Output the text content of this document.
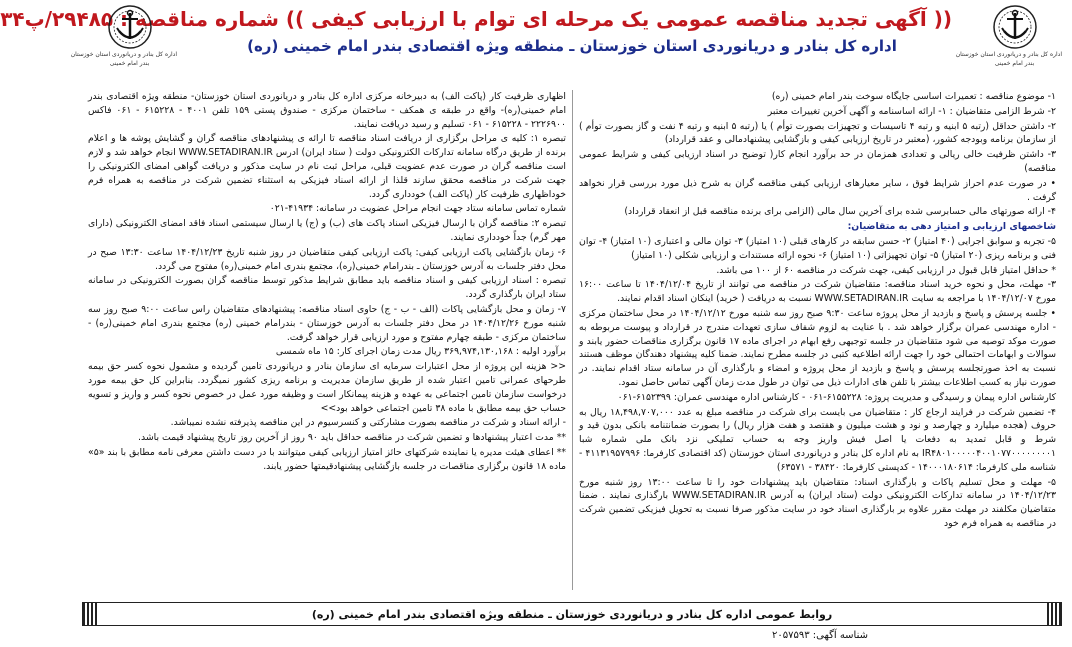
اداره کل بنادر و دریانوردی استان خوزستان
بندر امام خمینی
(( آگهی تجدید مناقصه عمومی یک مرحله ای توام با ارزیابی کیفی )) شماره مناقصه : ۲۹۴۸۵/پ۳۴
اداره کل بنادر و دریانوردی استان خوزستان ـ منطقه ویژه اقتصادی بندر امام خمینی (ره)
اداره کل بنادر و دریانوردی استان خوزستان
بندر امام خمینی

۱- موضوع مناقصه : تعمیرات اساسی جایگاه سوخت بندر امام خمینی (ره)

۲- شرط الزامی متقاضیان : ۱- ارائه اساسنامه و آگهی آخرین تغییرات معتبر

۲- داشتن حداقل (رتبه ۵ ابنیه و رتبه ۴ تاسیسات و تجهیزات بصورت توأم ) یا (رتبه ۵ ابنیه و رتبه ۴ نفت و گاز بصورت توأم ) از سازمان برنامه وبودجه کشور، (معتبر در تاریخ ارزیابی کیفی و بازگشایی پیشنهادمالی و عقد قرارداد)

۳- داشتن ظرفیت خالی ریالی و تعدادی همزمان در حد برآورد انجام کار( توضیح در اسناد ارزیابی کیفی و شرایط عمومی مناقصه)

• در صورت عدم احراز شرایط فوق ، سایر معیارهای ارزیابی کیفی مناقصه گران به شرح ذیل مورد بررسی قرار نخواهد گرفت .

۴- ارائه صورتهای مالی حسابرسی شده برای آخرین سال مالی (الزامی برای برنده مناقصه قبل از انعقاد قرارداد)

شاخصهای ارزیابی و امتیاز دهی به متقاضیان:

۵- تجربه و سوابق اجرایی (۴۰ امتیاز) ۲- حسن سابقه در کارهای قبلی (۱۰ امتیاز) ۳- توان مالی و اعتباری (۱۰ امتیاز) ۴- توان فنی و برنامه ریزی (۲۰ امتیاز) ۵- توان تجهیزاتی (۱۰ امتیاز) ۶- نحوه ارائه مستندات و ارزیابی شکلی (۱۰ امتیاز)

* حداقل امتیاز قابل قبول در ارزیابی کیفی، جهت شرکت در مناقصه ۶۰ از ۱۰۰ می باشد.

۳- مهلت، محل و نحوه خرید اسناد مناقصه: متقاضیان شرکت در مناقصه می توانند از تاریخ ۱۴۰۴/۱۲/۰۴ تا ساعت ۱۶:۰۰ مورخ ۱۴۰۴/۱۲/۰۷ با مراجعه به سایت WWW.SETADIRAN.IR نسبت به دریافت ( خرید) اینکان اسناد اقدام نمایند.

• جلسه پرسش و پاسخ و بازدید از محل پروژه ساعت ۹:۳۰ صبح روز سه شنبه مورخ ۱۴۰۴/۱۲/۱۲ در محل ساختمان مرکزی - اداره مهندسی عمران برگزار خواهد شد . با عنایت به لزوم شفاف سازی تعهدات مندرج در قرارداد و پیوست مربوطه به صورت موکد توصیه می شود متقاضیان در جلسه توجیهی رفع ابهام در اجرای ماده ۱۷ قانون برگزاری مناقصات حضور یابند و سوالات و ابهامات احتمالی خود را جهت ارائه اطلاعیه کتبی در جلسه مطرح نمایند. ضمنا کلیه پیشنهاد دهندگان موظف هستند نسبت به اخذ صورتجلسه پرسش و پاسخ و بازدید از محل پروژه و امضاء و بارگذاری آن در سامانه ستاد اقدام نمایند. در صورت نیاز به کسب اطلاعات بیشتر با تلفن های ادارات ذیل می توان در طول مدت زمان آگهی تماس حاصل نمود.

کارشناس اداره پیمان و رسیدگی و مدیریت پروژه: ۶۱۵۵۲۲۸-۰۶۱ - کارشناس اداره مهندسی عمران: ۶۱۵۲۳۹۹-۰۶۱

۴- تضمین شرکت در فرایند ارجاع کار : متقاضیان می بایست برای شرکت در مناقصه مبلغ به عدد ۱۸,۴۹۸,۷۰۷,۰۰۰ ریال به حروف (هجده میلیارد و چهارصد و نود و هشت میلیون و هفتصد و هفت هزار ریال) را بصورت ضمانتنامه بانکی بدون قید و شرط و قابل تمدید به دفعات یا اصل فیش واریز وجه به حساب تملیکی نزد بانک ملی شماره شبا IR۴۸۰۱۰۰۰۰۰۴۰۰۱۰۷۷۰۰۰۰۰۰۰۰۱ به نام اداره کل بنادر و دریانوردی استان خوزستان (کد اقتصادی کارفرما: ۴۱۱۳۱۹۵۷۹۹۶ - شناسه ملی کارفرما: ۱۴۰۰۰۱۸۰۶۱۴ - کدپستی کارفرما: ۳۸۴۲۰ - ۶۳۵۷۱)

۵- مهلت و محل تسلیم پاکات و بارگذاری اسناد: متقاضیان باید پیشنهادات خود را تا ساعت ۱۳:۰۰ روز شنبه مورخ ۱۴۰۴/۱۲/۲۳ در سامانه تدارکات الکترونیکی دولت (ستاد ایران) به آدرس WWW.SETADIRAN.IR بارگذاری نمایند . ضمنا متقاضیان مکلفند در مهلت مقرر علاوه بر بارگذاری اسناد خود در سایت مذکور صرفا نسبت به تحویل فیزیکی تضمین شرکت در مناقصه به همراه فرم خود

اظهاری ظرفیت کار (پاکت الف) به دبیرخانه مرکزی اداره کل بنادر و دریانوردی استان خوزستان- منطقه ویژه اقتصادی بندر امام خمینی(ره)- واقع در طبقه ی همکف - ساختمان مرکزی - صندوق پستی ۱۵۹ تلفن ۴۰۰۱ - ۶۱۵۲۲۸ - ۰۶۱ فاکس ۲۲۲۶۹۰۰ - ۶۱۵۲۲۸ - ۰۶۱ تسلیم و رسید دریافت نمایند.

تبصره ۱: کلیه ی مراحل برگزاری از دریافت اسناد مناقصه تا ارائه ی پیشنهادهای مناقصه گران و گشایش پوشه ها و اعلام برنده از طریق درگاه سامانه تدارکات الکترونیکی دولت ( ستاد ایران) ادرس WWW.SETADIRAN.IR انجام خواهد شد و لازم است مناقصه گران در صورت عدم عضویت قبلی، مراحل ثبت نام در سایت مذکور و دریافت گواهی امضای الکترونیکی را جهت شرکت در مناقصه محقق سازند قلذا از ارائه اسناد فیزیکی به استثناء تضمین شرکت در مناقصه به همراه فرم خوداظهاری ظرفیت کار (پاکت الف) خودداری گردد.

شماره تماس سامانه ستاد جهت انجام مراحل عضویت در سامانه: ۴۱۹۳۴-۰۲۱

تبصره ۲: مناقصه گران با ارسال فیزیکی اسناد پاکت های (ب) و (ج) یا ارسال سیستمی اسناد فاقد امضای الکترونیکی (دارای مهر گرم) جداً خودداری نمایند.

۶- زمان بازگشایی پاکت ارزیابی کیفی: پاکت ارزیابی کیفی متقاضیان در روز شنبه تاریخ ۱۴۰۴/۱۲/۲۳ ساعت ۱۳:۳۰ صبح در محل دفتر جلسات به آدرس خوزستان ـ بندرامام خمینی(ره)، مجتمع بندری امام خمینی(ره) مفتوح می گردد.

تبصره : اسناد ارزیابی کیفی و اسناد مناقصه باید مطابق شرایط مذکور توسط مناقصه گران بصورت الکترونیکی در سامانه ستاد ایران بارگذاری گردد.

۷- زمان و محل بازگشایی پاکات (الف - ب - ج) حاوی اسناد مناقصه: پیشنهادهای متقاضیان راس ساعت ۹:۰۰ صبح روز سه شنبه مورخ ۱۴۰۴/۱۲/۲۶ در محل دفتر جلسات به آدرس خوزستان - بندرامام خمینی (ره) مجتمع بندری امام خمینی(ره) - ساختمان مرکزی - طبقه چهارم مفتوح و مورد ارزیابی قرار خواهد گرفت.

برآورد اولیه : ۳۶۹,۹۷۴,۱۳۰,۱۶۸ ریال مدت زمان اجرای کار: ۱۵ ماه شمسی

<< هزینه این پروژه از محل اعتبارات سرمایه ای سازمان بنادر و دریانوردی تامین گردیده و مشمول نحوه کسر حق بیمه طرحهای عمرانی تامین اعتبار شده از طریق سازمان مدیریت و برنامه ریزی کشور نمیگردد. بنابراین کل حق بیمه مورد درخواست سازمان تامین اجتماعی به عهده و هزینه پیمانکار است و وظیفه مورد عمل در خصوص نحوه کسر و واریز و تسویه حساب حق بیمه مطابق با ماده ۳۸ تامین اجتماعی خواهد بود>>

- ارائه اسناد و شرکت در مناقصه بصورت مشارکتی و کنسرسیوم در این مناقصه پذیرفته نشده نمیباشد.

** مدت اعتبار پیشنهادها و تضمین شرکت در مناقصه حداقل باید ۹۰ روز از آخرین روز تاریخ پیشنهاد قیمت باشد.

** اعطای هیئت مدیره یا نماینده شرکتهای حائز امتیاز ارزیابی کیفی میتوانند با در دست داشتن معرفی نامه مطابق با بند «۵» ماده ۱۸ قانون برگزاری مناقصات در جلسه بازگشایی پیشنهادقیمتها حضور یابند.

روابط عمومی اداره کل بنادر و دریانوردی خوزستان ـ منطقه ویژه اقتصادی بندر امام خمینی (ره)
شناسه آگهی: ۲۰۵۷۵۹۳
